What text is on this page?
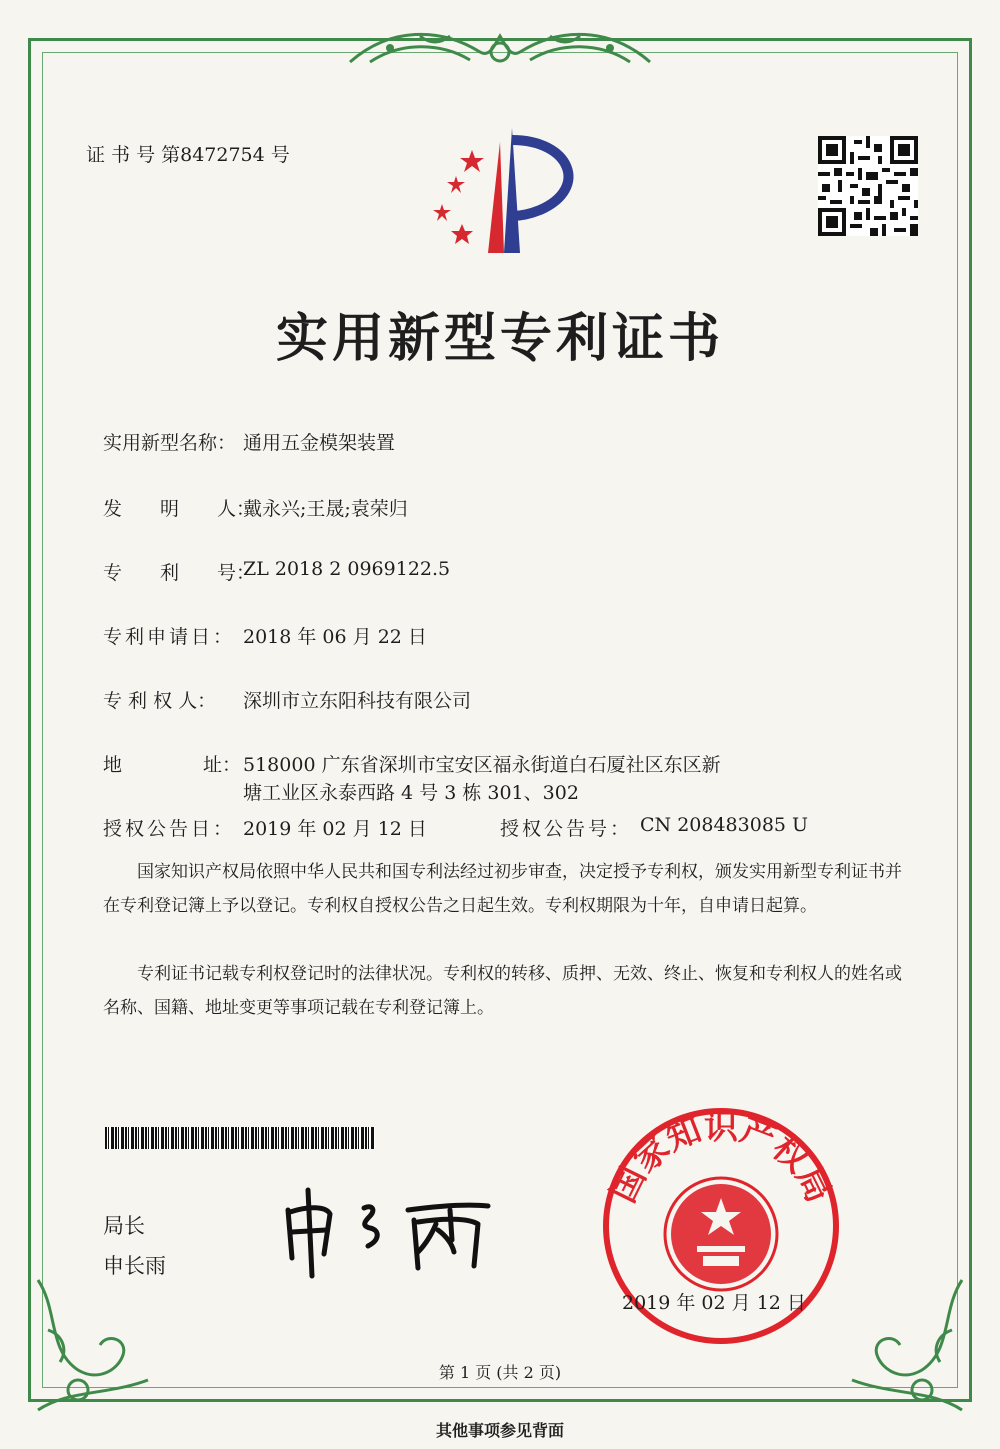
证 书 号 第8472754 号
实用新型专利证书
实用新型名称： 通用五金模架装置
发　　明　　人：
戴永兴;王晟;袁荣归
专　　利　　号：
ZL 2018 2 0969122.5
专利申请日： 2018 年 06 月 22 日
专 利 权 人： 深圳市立东阳科技有限公司
地	址： 518000 广东省深圳市宝安区福永街道白石厦社区东区新
塘工业区永泰西路 4 号 3 栋 301、302
授权公告日： 2019 年 02 月 12 日	授权公告号： CN 208483085 U
国家知识产权局依照中华人民共和国专利法经过初步审查，决定授予专利权，颁发实用新型专利证书并在专利登记簿上予以登记。专利权自授权公告之日起生效。专利权期限为十年，自申请日起算。
专利证书记载专利权登记时的法律状况。专利权的转移、质押、无效、终止、恢复和专利权人的姓名或名称、国籍、地址变更等事项记载在专利登记簿上。
局长
申长雨
国家知识产权局
2019 年 02 月 12 日
第 1 页 (共 2 页)
其他事项参见背面
